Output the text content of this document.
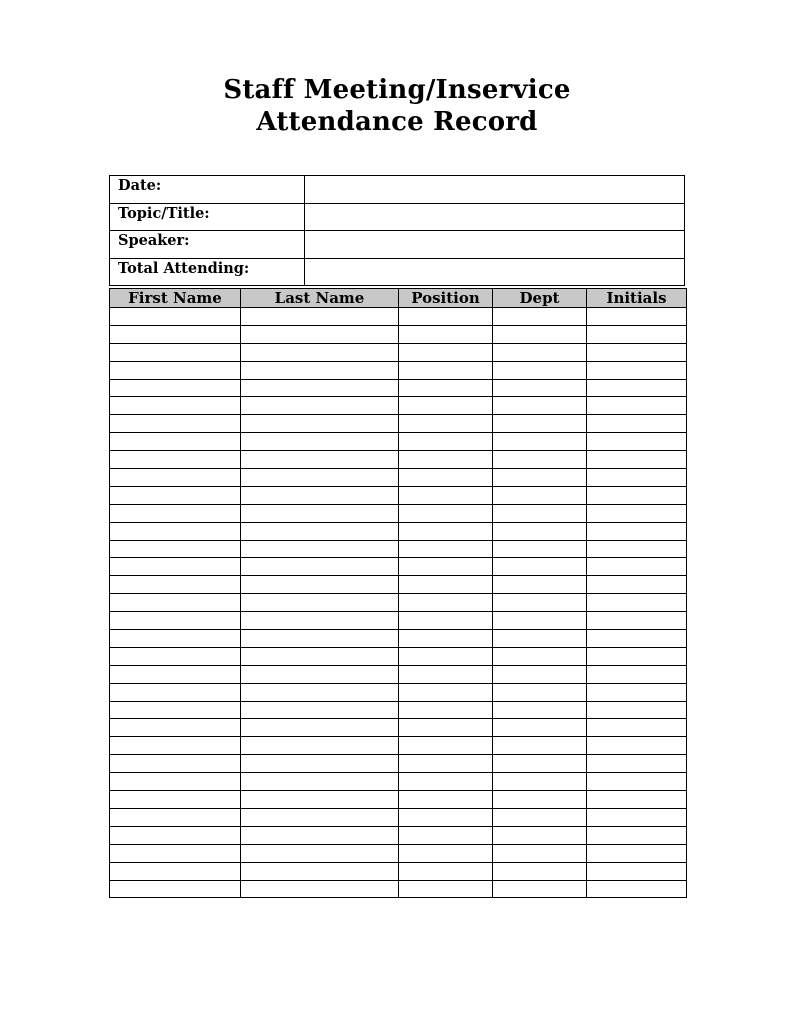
Staff Meeting/Inservice
Attendance Record
Date:	
Topic/Title:	
Speaker:	
Total Attending:	
First Name	Last Name	Position	Dept	Initials
